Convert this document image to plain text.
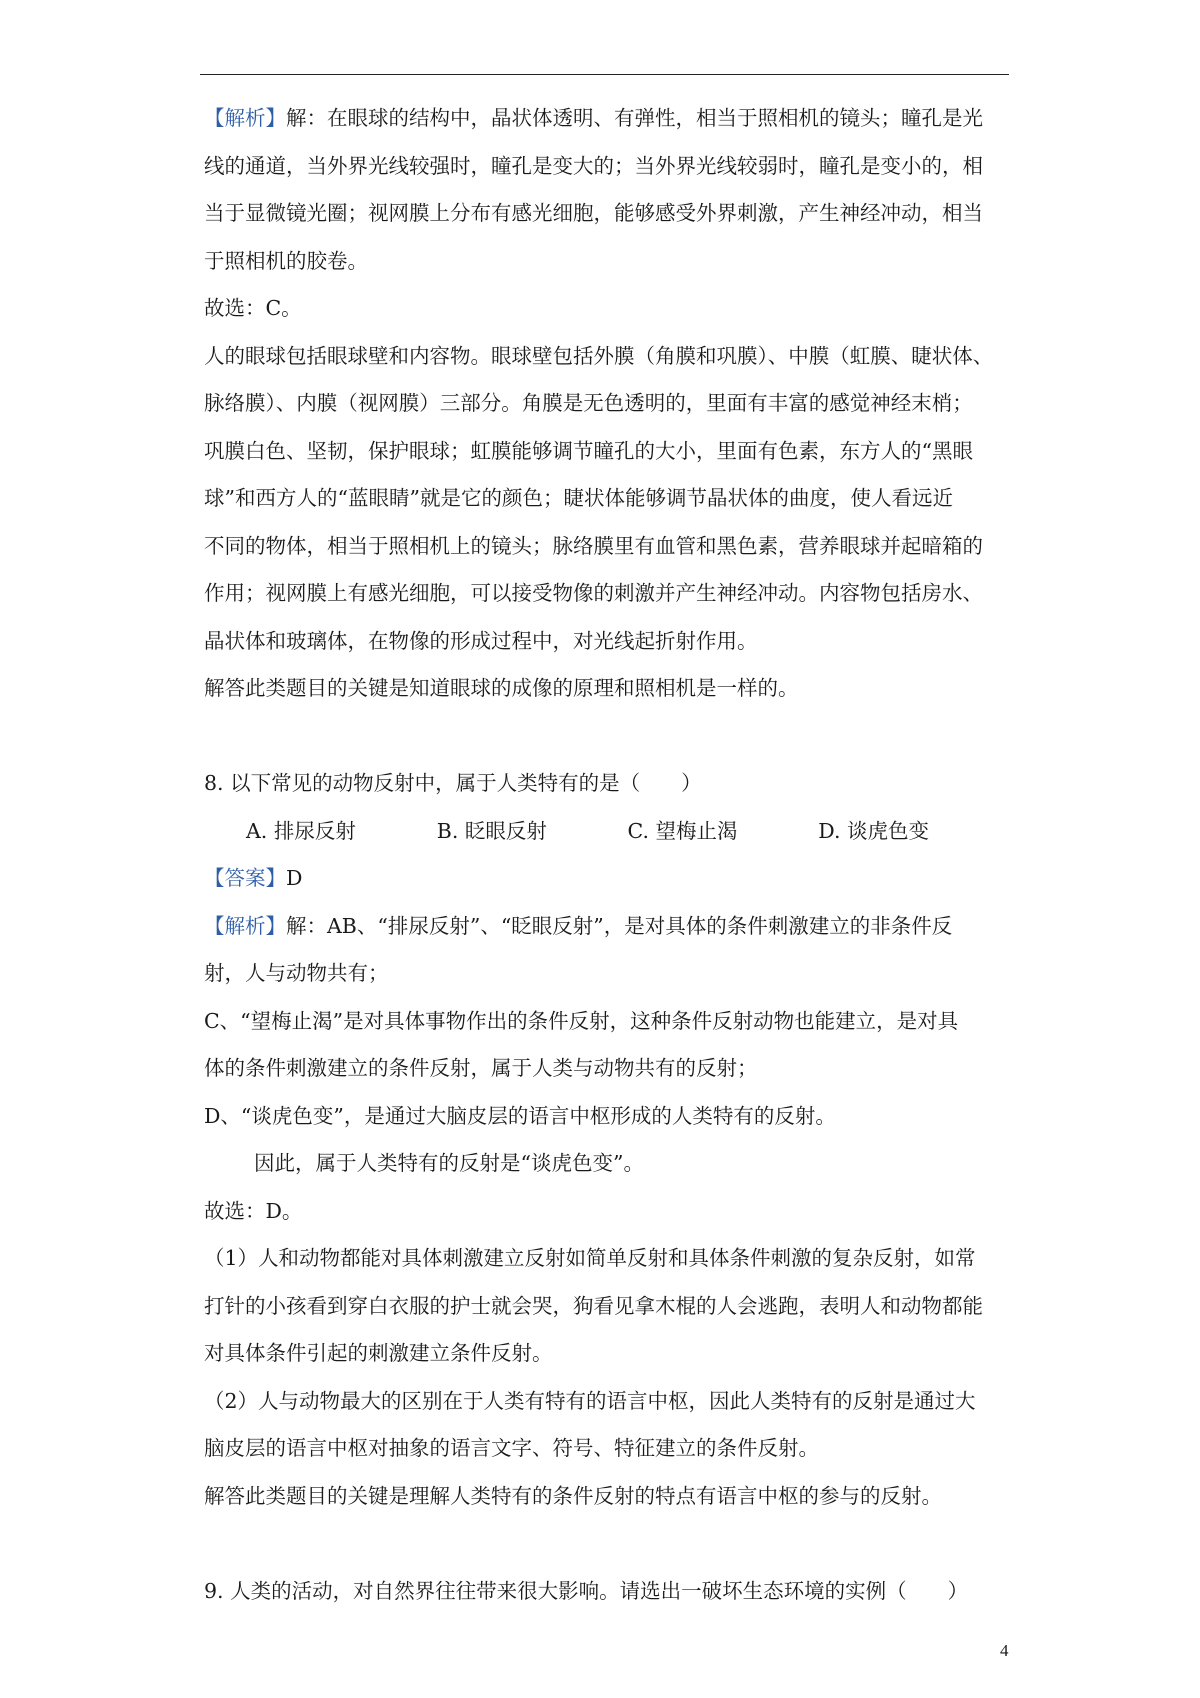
【解析】解：在眼球的结构中，晶状体透明、有弹性，相当于照相机的镜头；瞳孔是光
线的通道，当外界光线较强时，瞳孔是变大的；当外界光线较弱时，瞳孔是变小的，相
当于显微镜光圈；视网膜上分布有感光细胞，能够感受外界刺激，产生神经冲动，相当
于照相机的胶卷。
故选：C。
人的眼球包括眼球壁和内容物。眼球壁包括外膜（角膜和巩膜）、中膜（虹膜、睫状体、
脉络膜）、内膜（视网膜）三部分。角膜是无色透明的，里面有丰富的感觉神经末梢；
巩膜白色、坚韧，保护眼球；虹膜能够调节瞳孔的大小，里面有色素，东方人的“黑眼
球”和西方人的“蓝眼睛”就是它的颜色；睫状体能够调节晶状体的曲度，使人看远近
不同的物体，相当于照相机上的镜头；脉络膜里有血管和黑色素，营养眼球并起暗箱的
作用；视网膜上有感光细胞，可以接受物像的刺激并产生神经冲动。内容物包括房水、
晶状体和玻璃体，在物像的形成过程中，对光线起折射作用。
解答此类题目的关键是知道眼球的成像的原理和照相机是一样的。
8. 以下常见的动物反射中，属于人类特有的是（　　）
A. 排尿反射	B. 眨眼反射	C. 望梅止渴	D. 谈虎色变
【答案】D
【解析】解：AB、“排尿反射”、“眨眼反射”，是对具体的条件刺激建立的非条件反
射，人与动物共有；
C、“望梅止渴”是对具体事物作出的条件反射，这种条件反射动物也能建立，是对具
体的条件刺激建立的条件反射，属于人类与动物共有的反射；
D、“谈虎色变”，是通过大脑皮层的语言中枢形成的人类特有的反射。
因此，属于人类特有的反射是“谈虎色变”。
故选：D。
（1）人和动物都能对具体刺激建立反射如简单反射和具体条件刺激的复杂反射，如常
打针的小孩看到穿白衣服的护士就会哭，狗看见拿木棍的人会逃跑，表明人和动物都能
对具体条件引起的刺激建立条件反射。
（2）人与动物最大的区别在于人类有特有的语言中枢，因此人类特有的反射是通过大
脑皮层的语言中枢对抽象的语言文字、符号、特征建立的条件反射。
解答此类题目的关键是理解人类特有的条件反射的特点有语言中枢的参与的反射。
9. 人类的活动，对自然界往往带来很大影响。请选出一破坏生态环境的实例（　　）
4
